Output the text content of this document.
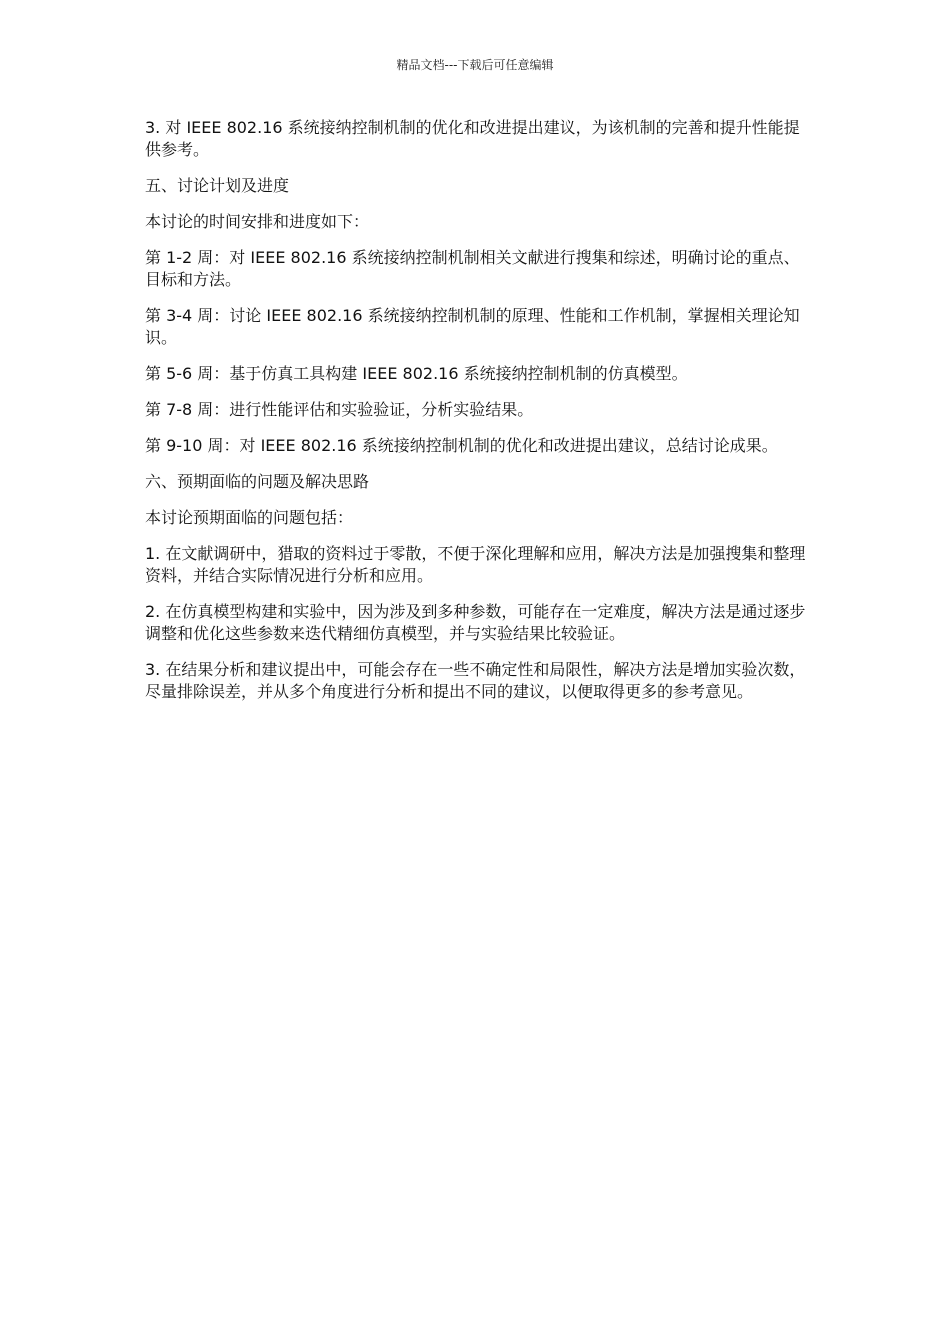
精品文档---下载后可任意编辑

3. 对 IEEE 802.16 系统接纳控制机制的优化和改进提出建议，为该机制的完善和提升性能提供参考。

五、讨论计划及进度

本讨论的时间安排和进度如下：

第 1-2 周：对 IEEE 802.16 系统接纳控制机制相关文献进行搜集和综述，明确讨论的重点、目标和方法。

第 3-4 周：讨论 IEEE 802.16 系统接纳控制机制的原理、性能和工作机制，掌握相关理论知识。

第 5-6 周：基于仿真工具构建 IEEE 802.16 系统接纳控制机制的仿真模型。

第 7-8 周：进行性能评估和实验验证，分析实验结果。

第 9-10 周：对 IEEE 802.16 系统接纳控制机制的优化和改进提出建议，总结讨论成果。

六、预期面临的问题及解决思路

本讨论预期面临的问题包括：

1. 在文献调研中，猎取的资料过于零散，不便于深化理解和应用，解决方法是加强搜集和整理资料，并结合实际情况进行分析和应用。

2. 在仿真模型构建和实验中，因为涉及到多种参数，可能存在一定难度，解决方法是通过逐步调整和优化这些参数来迭代精细仿真模型，并与实验结果比较验证。

3. 在结果分析和建议提出中，可能会存在一些不确定性和局限性，解决方法是增加实验次数，尽量排除误差，并从多个角度进行分析和提出不同的建议，以便取得更多的参考意见。
